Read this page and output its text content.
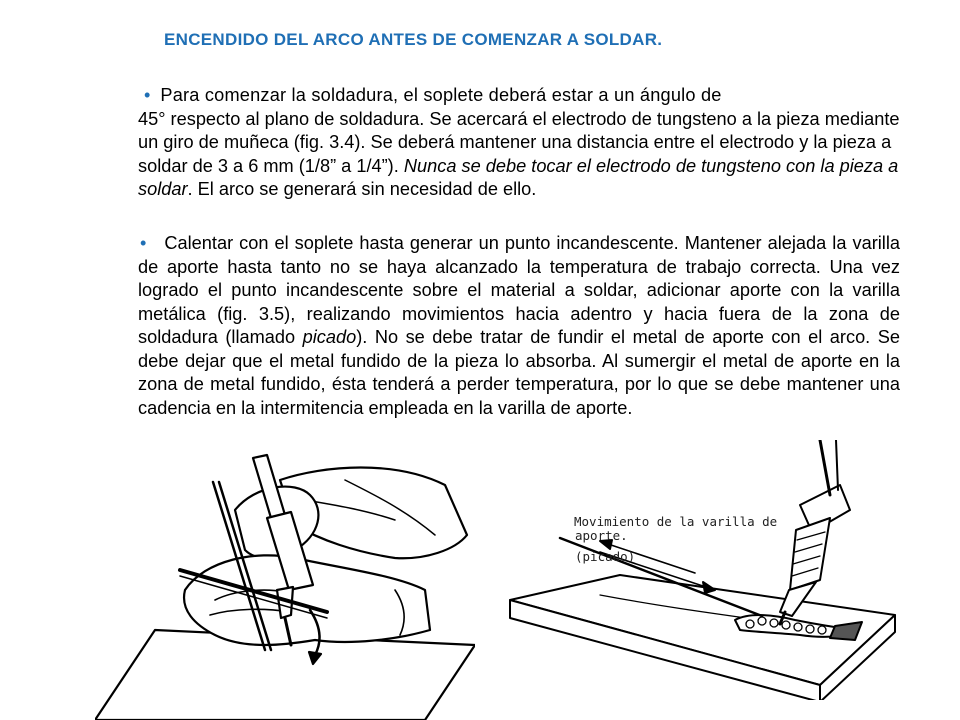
ENCENDIDO DEL ARCO ANTES DE COMENZAR A SOLDAR.
• Para comenzar la soldadura, el soplete deberá estar a un ángulo de
45° respecto al plano de soldadura. Se acercará el electrodo de tungsteno a la pieza mediante un giro de muñeca (fig. 3.4). Se deberá mantener una distancia entre el electrodo y la pieza a soldar de 3 a 6 mm (1/8” a 1/4”). Nunca se debe tocar el electrodo de tungsteno con la pieza a soldar. El arco se generará sin necesidad de ello.
• Calentar con el soplete hasta generar un punto incandescente. Mantener alejada la varilla de aporte hasta tanto no se haya alcanzado la temperatura de trabajo correcta. Una vez logrado el punto incandescente sobre el material a soldar, adicionar aporte con la varilla metálica (fig. 3.5), realizando movimientos hacia adentro y hacia fuera de la zona de soldadura (llamado picado). No se debe tratar de fundir el metal de aporte con el arco. Se debe dejar que el metal fundido de la pieza lo absorba. Al sumergir el metal de aporte en la zona de metal fundido, ésta tenderá a perder temperatura, por lo que se debe mantener una cadencia en la intermitencia empleada en la varilla de aporte.
Movimiento de la varilla de
aporte.
(picado)
